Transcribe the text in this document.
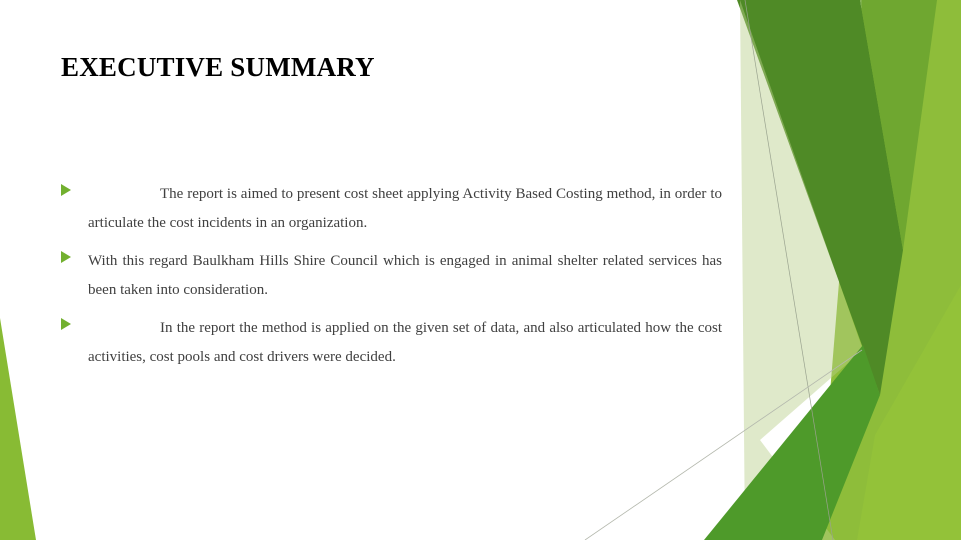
EXECUTIVE SUMMARY
The report is aimed to present cost sheet applying Activity Based Costing method, in order to articulate the cost incidents in an organization.
With this regard Baulkham Hills Shire Council which is engaged in animal shelter related services has been taken into consideration.
In the report the method is applied on the given set of data, and also articulated how the cost activities, cost pools and cost drivers were decided.
